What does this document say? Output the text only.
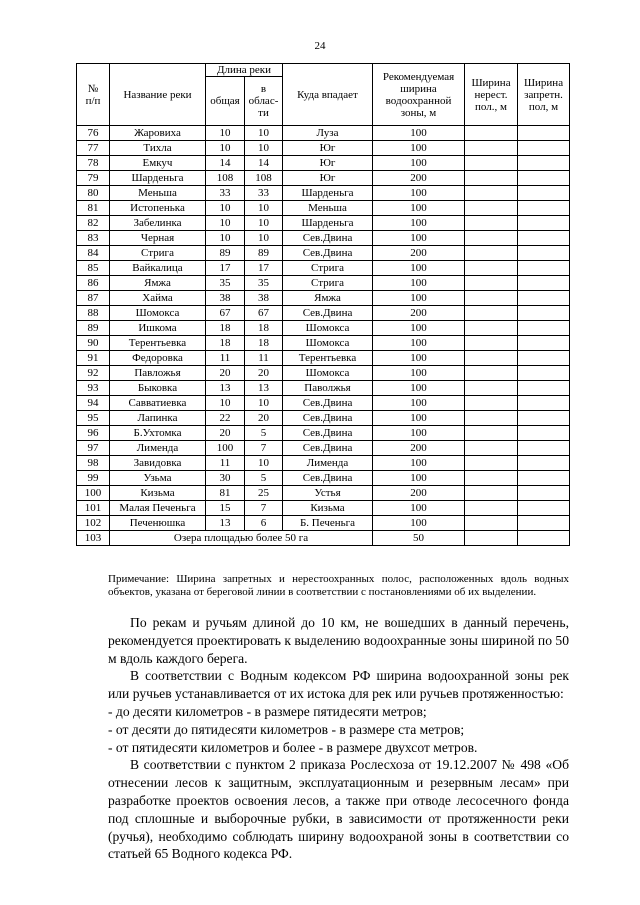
24
№
п/п	Название реки	Длина реки		Куда впадает	Рекомендуемая ширина водоохранной зоны, м	Ширина нерест. пол., м	Ширина запретн. пол, м
		общая	в облас-ти				
76	Жаровиха	10	10	Луза	100		
77	Тихла	10	10	Юг	100		
78	Емкуч	14	14	Юг	100		
79	Шарденьга	108	108	Юг	200		
80	Меньша	33	33	Шарденьга	100		
81	Истопенька	10	10	Меньша	100		
82	Забелинка	10	10	Шарденьга	100		
83	Черная	10	10	Сев.Двина	100		
84	Стрига	89	89	Сев.Двина	200		
85	Вайкалица	17	17	Стрига	100		
86	Ямжа	35	35	Стрига	100		
87	Хайма	38	38	Ямжа	100		
88	Шомокса	67	67	Сев.Двина	200		
89	Ишкома	18	18	Шомокса	100		
90	Терентьевка	18	18	Шомокса	100		
91	Федоровка	11	11	Терентьевка	100		
92	Павложья	20	20	Шомокса	100		
93	Быковка	13	13	Паволжья	100		
94	Савватиевка	10	10	Сев.Двина	100		
95	Лапинка	22	20	Сев.Двина	100		
96	Б.Ухтомка	20	5	Сев.Двина	100		
97	Лименда	100	7	Сев.Двина	200		
98	Завидовка	11	10	Лименда	100		
99	Узьма	30	5	Сев.Двина	100		
100	Кизьма	81	25	Устья	200		
101	Малая Печеньга	15	7	Кизьма	100		
102	Печенюшка	13	6	Б. Печеньга	100		
103	Озера площадью более 50 га				50		
Примечание: Ширина запретных и нерестоохранных полос, расположенных вдоль водных объектов, указана от береговой линии в соответствии с постановлениями об их выделении.

По рекам и ручьям длиной до 10 км, не вошедших в данный перечень, рекомендуется проектировать к выделению водоохранные зоны шириной по 50 м вдоль каждого берега.

В соответствии с Водным кодексом РФ ширина водоохранной зоны рек или ручьев устанавливается от их истока для рек или ручьев протяженностью:

- до десяти километров - в размере пятидесяти метров;

- от десяти до пятидесяти километров - в размере ста метров;

- от пятидесяти километров и более - в размере двухсот метров.

В соответствии с пунктом 2 приказа Рослесхоза от 19.12.2007 № 498 «Об отнесении лесов к защитным, эксплуатационным и резервным лесам» при разработке проектов освоения лесов, а также при отводе лесосечного фонда под сплошные и выборочные рубки, в зависимости от протяженности реки (ручья), необходимо соблюдать ширину водоохраной зоны в соответствии со статьей 65 Водного кодекса РФ.
